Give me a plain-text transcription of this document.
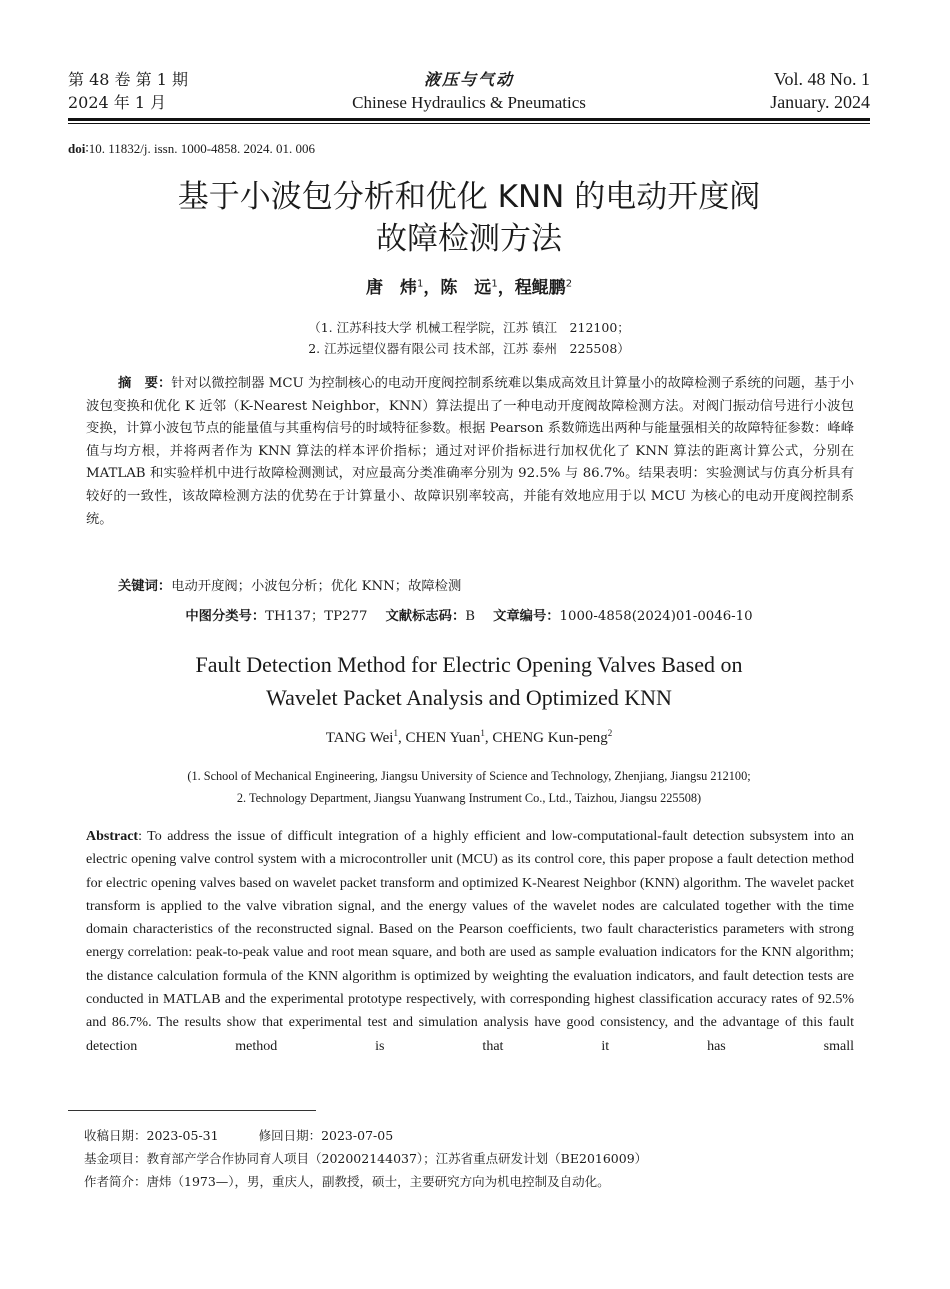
第 48 卷 第 1 期
2024 年 1 月
液压与气动
Chinese Hydraulics & Pneumatics
Vol. 48 No. 1
January. 2024
doi∶10. 11832/j. issn. 1000-4858. 2024. 01. 006
基于小波包分析和优化 KNN 的电动开度阀
故障检测方法
唐　炜$^1$，陈　远$^1$，程鲲鹏$^2$
（1. 江苏科技大学 机械工程学院，江苏 镇江　212100；
2. 江苏远望仪器有限公司 技术部，江苏 泰州　225508）
摘　要：针对以微控制器 MCU 为控制核心的电动开度阀控制系统难以集成高效且计算量小的故障检测子系统的问题，基于小波包变换和优化 K 近邻（K-Nearest Neighbor，KNN）算法提出了一种电动开度阀故障检测方法。对阀门振动信号进行小波包变换，计算小波包节点的能量值与其重构信号的时域特征参数。根据 Pearson 系数筛选出两种与能量强相关的故障特征参数：峰峰值与均方根，并将两者作为 KNN 算法的样本评价指标；通过对评价指标进行加权优化了 KNN 算法的距离计算公式，分别在 MATLAB 和实验样机中进行故障检测测试，对应最高分类准确率分别为 92.5% 与 86.7%。结果表明：实验测试与仿真分析具有较好的一致性，该故障检测方法的优势在于计算量小、故障识别率较高，并能有效地应用于以 MCU 为核心的电动开度阀控制系统。
关键词：电动开度阀；小波包分析；优化 KNN；故障检测
中图分类号：TH137；TP277 文献标志码：B 文章编号：1000-4858(2024)01-0046-10
Fault Detection Method for Electric Opening Valves Based on
Wavelet Packet Analysis and Optimized KNN
TANG Wei$^1$, CHEN Yuan$^1$, CHENG Kun-peng$^2$
(1. School of Mechanical Engineering, Jiangsu University of Science and Technology, Zhenjiang, Jiangsu 212100;
2. Technology Department, Jiangsu Yuanwang Instrument Co., Ltd., Taizhou, Jiangsu 225508)
Abstract: To address the issue of difficult integration of a highly efficient and low-computational-fault detection subsystem into an electric opening valve control system with a microcontroller unit (MCU) as its control core, this paper propose a fault detection method for electric opening valves based on wavelet packet transform and optimized K-Nearest Neighbor (KNN) algorithm. The wavelet packet transform is applied to the valve vibration signal, and the energy values of the wavelet nodes are calculated together with the time domain characteristics of the reconstructed signal. Based on the Pearson coefficients, two fault characteristics parameters with strong energy correlation: peak-to-peak value and root mean square, and both are used as sample evaluation indicators for the KNN algorithm; the distance calculation formula of the KNN algorithm is optimized by weighting the evaluation indicators, and fault detection tests are conducted in MATLAB and the experimental prototype respectively, with corresponding highest classification accuracy rates of 92.5% and 86.7%. The results show that experimental test and simulation analysis have good consistency, and the advantage of this fault detection method is that it has small
收稿日期：2023-05-31	修回日期：2023-07-05
基金项目：教育部产学合作协同育人项目（202002144037）；江苏省重点研发计划（BE2016009）
作者简介：唐炜（1973—），男，重庆人，副教授，硕士，主要研究方向为机电控制及自动化。
